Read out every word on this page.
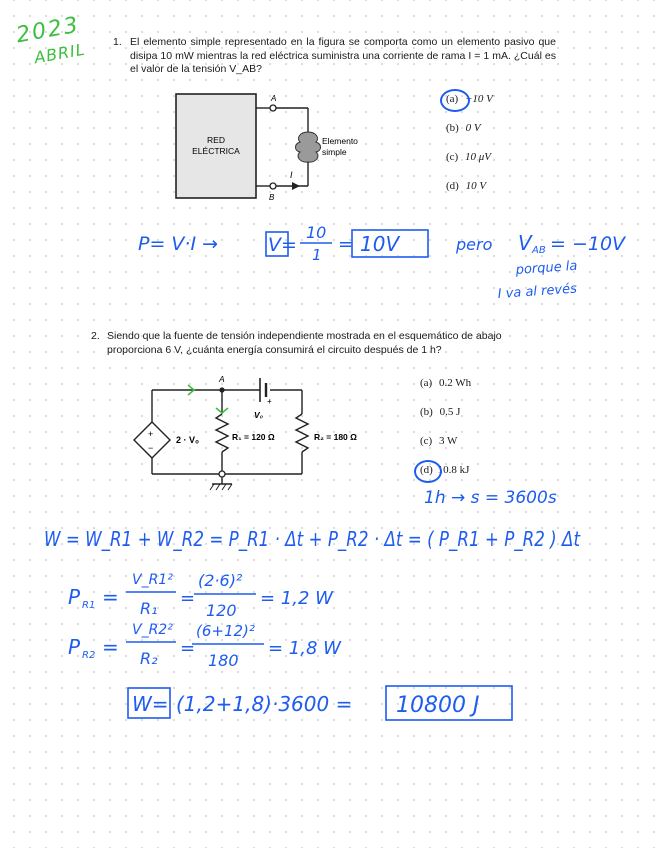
2023
ABRIL 1. El elemento simple representado en la figura se comporta como un elemento pasivo que disipa 10 mW mientras la red eléctrica suministra una corriente de rama I = 1 mA. ¿Cuál es el valor de la tensión V_AB?
RED
ELÉCTRICA
A
B
Elemento
simple
I
(a) −10 V
(b) 0 V
(c) 10 μV
(d) 10 V
P= V·I →	V=
10
1 = 10V	pero V AB = −10V
porque la
I va al revés
2. Siendo que la fuente de tensión independiente mostrada en el esquemático de abajo proporciona 6 V, ¿cuánta energía consumirá el circuito después de 1 h?
+
V₀
A
+
−
2 · V₀	R₁ = 120 Ω	R₂ = 180 Ω
(a) 0.2 Wh
(b) 0.5 J
(c) 3 W
(d) 10.8 kJ
1h → s = 3600s
W = W_R1 + W_R2 = P_R1 · Δt + P_R2 · Δt = ( P_R1 + P_R2 ) Δt
P R1 =
V_R1²
R₁ =
(2·6)²
120
= 1,2 W
P R2 =
V_R2²
R₂ =
(6+12)²
180
= 1,8 W
W= (1,2+1,8)·3600 = 10800 J
